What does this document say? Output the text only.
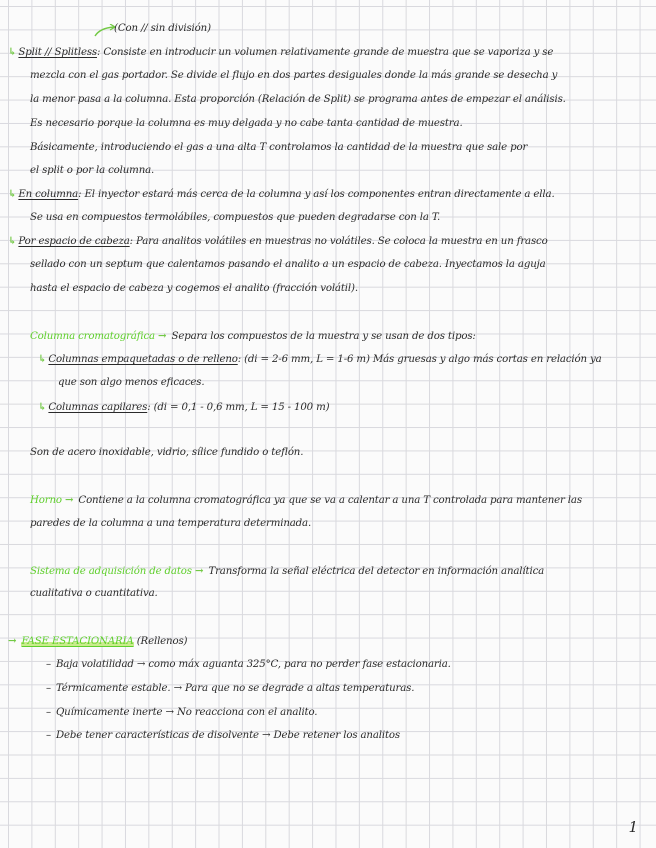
(Con // sin división)
↳ Split // Splitless: Consiste en introducir un volumen relativamente grande de muestra que se vaporiza y se
mezcla con el gas portador. Se divide el flujo en dos partes desiguales donde la más grande se desecha y
la menor pasa a la columna. Esta proporción (Relación de Split) se programa antes de empezar el análisis.
Es necesario porque la columna es muy delgada y no cabe tanta cantidad de muestra.
Básicamente, introduciendo el gas a una alta T controlamos la cantidad de la muestra que sale por
el split o por la columna.
↳ En columna: El inyector estará más cerca de la columna y así los componentes entran directamente a ella.
Se usa en compuestos termolábiles, compuestos que pueden degradarse con la T.
↳ Por espacio de cabeza: Para analitos volátiles en muestras no volátiles. Se coloca la muestra en un frasco
sellado con un septum que calentamos pasando el analito a un espacio de cabeza. Inyectamos la aguja
hasta el espacio de cabeza y cogemos el analito (fracción volátil).
Columna cromatográfica → Separa los compuestos de la muestra y se usan de dos tipos:
↳ Columnas empaquetadas o de relleno: (di = 2-6 mm, L = 1-6 m) Más gruesas y algo más cortas en relación ya
que son algo menos eficaces.
↳ Columnas capilares: (di = 0,1 - 0,6 mm, L = 15 - 100 m)
Son de acero inoxidable, vidrio, sílice fundido o teflón.
Horno → Contiene a la columna cromatográfica ya que se va a calentar a una T controlada para mantener las
paredes de la columna a una temperatura determinada.
Sistema de adquisición de datos → Transforma la señal eléctrica del detector en información analítica
cualitativa o cuantitativa.
→ FASE ESTACIONARIA (Rellenos)
– Baja volatilidad → como máx aguanta 325°C, para no perder fase estacionaria.
– Térmicamente estable. → Para que no se degrade a altas temperaturas.
– Químicamente inerte → No reacciona con el analito.
– Debe tener características de disolvente → Debe retener los analitos
1
